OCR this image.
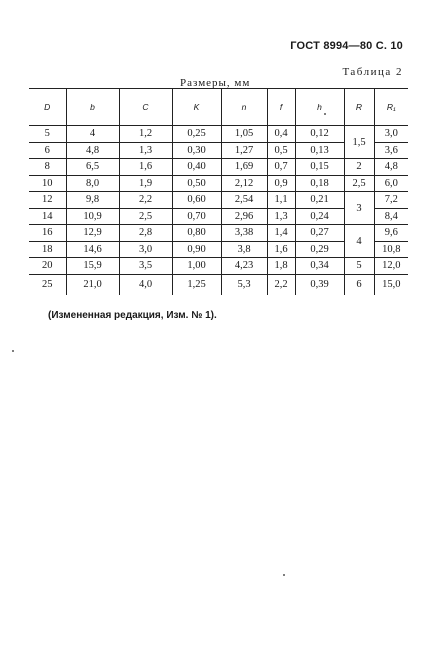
ГОСТ 8994—80 С. 10
Таблица 2
Размеры, мм
D	b	C	K	n	f	h	R	R₁
5	4	1,2	0,25	1,05	0,4	0,12	1,5	3,0
6	4,8	1,3	0,30	1,27	0,5	0,13		3,6
8	6,5	1,6	0,40	1,69	0,7	0,15	2	4,8
10	8,0	1,9	0,50	2,12	0,9	0,18	2,5	6,0
12	9,8	2,2	0,60	2,54	1,1	0,21	3	7,2
14	10,9	2,5	0,70	2,96	1,3	0,24		8,4
16	12,9	2,8	0,80	3,38	1,4	0,27	4	9,6
18	14,6	3,0	0,90	3,8	1,6	0,29		10,8
20	15,9	3,5	1,00	4,23	1,8	0,34	5	12,0
25	21,0	4,0	1,25	5,3	2,2	0,39	6	15,0
(Измененная редакция, Изм. № 1).
